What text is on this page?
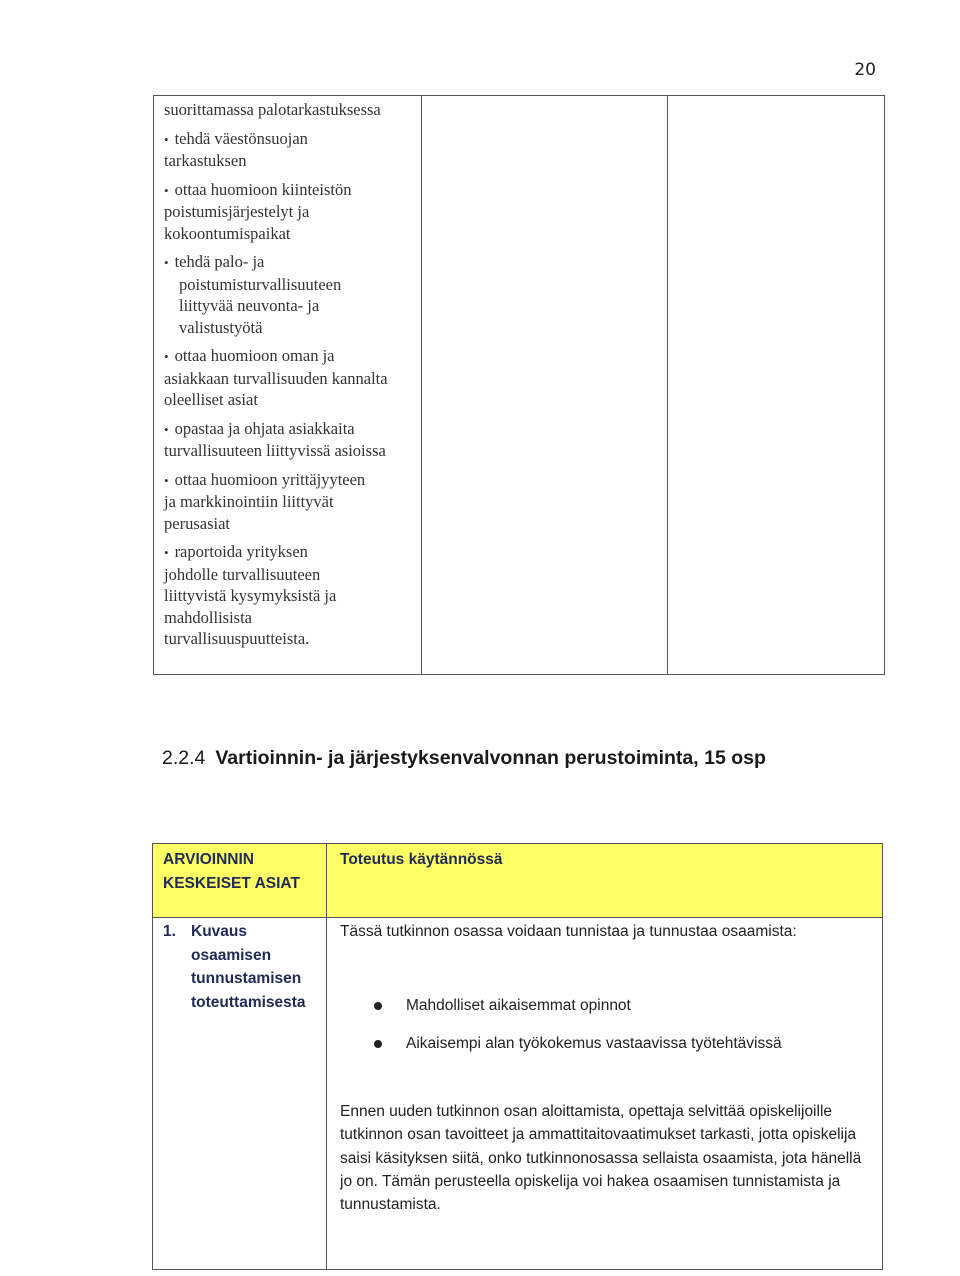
20
suorittamassa palotarkastuksessa
• tehdä väestönsuojan
tarkastuksen
• ottaa huomioon kiinteistön
poistumisjärjestelyt ja
kokoontumispaikat
• tehdä palo- ja
poistumisturvallisuuteen
liittyvää neuvonta- ja
valistustyötä
• ottaa huomioon oman ja
asiakkaan turvallisuuden kannalta
oleelliset asiat
• opastaa ja ohjata asiakkaita
turvallisuuteen liittyvissä asioissa
• ottaa huomioon yrittäjyyteen
ja markkinointiin liittyvät
perusasiat
• raportoida yrityksen
johdolle turvallisuuteen
liittyvistä kysymyksistä ja
mahdollisista
turvallisuuspuutteista.
2.2.4 Vartioinnin- ja järjestyksenvalvonnan perustoiminta, 15 osp
ARVIOINNIN
KESKEISET ASIAT
Toteutus käytännössä
1. Kuvaus
osaamisen
tunnustamisen
toteuttamisesta

Tässä tutkinnon osassa voidaan tunnistaa ja tunnustaa osaamista:

Mahdolliset aikaisemmat opinnot
Aikaisempi alan työkokemus vastaavissa työtehtävissä

Ennen uuden tutkinnon osan aloittamista, opettaja selvittää opiskelijoille tutkinnon osan tavoitteet ja ammattitaitovaatimukset tarkasti, jotta opiskelija saisi käsityksen siitä, onko tutkinnonosassa sellaista osaamista, jota hänellä jo on. Tämän perusteella opiskelija voi hakea osaamisen tunnistamista ja tunnustamista.
